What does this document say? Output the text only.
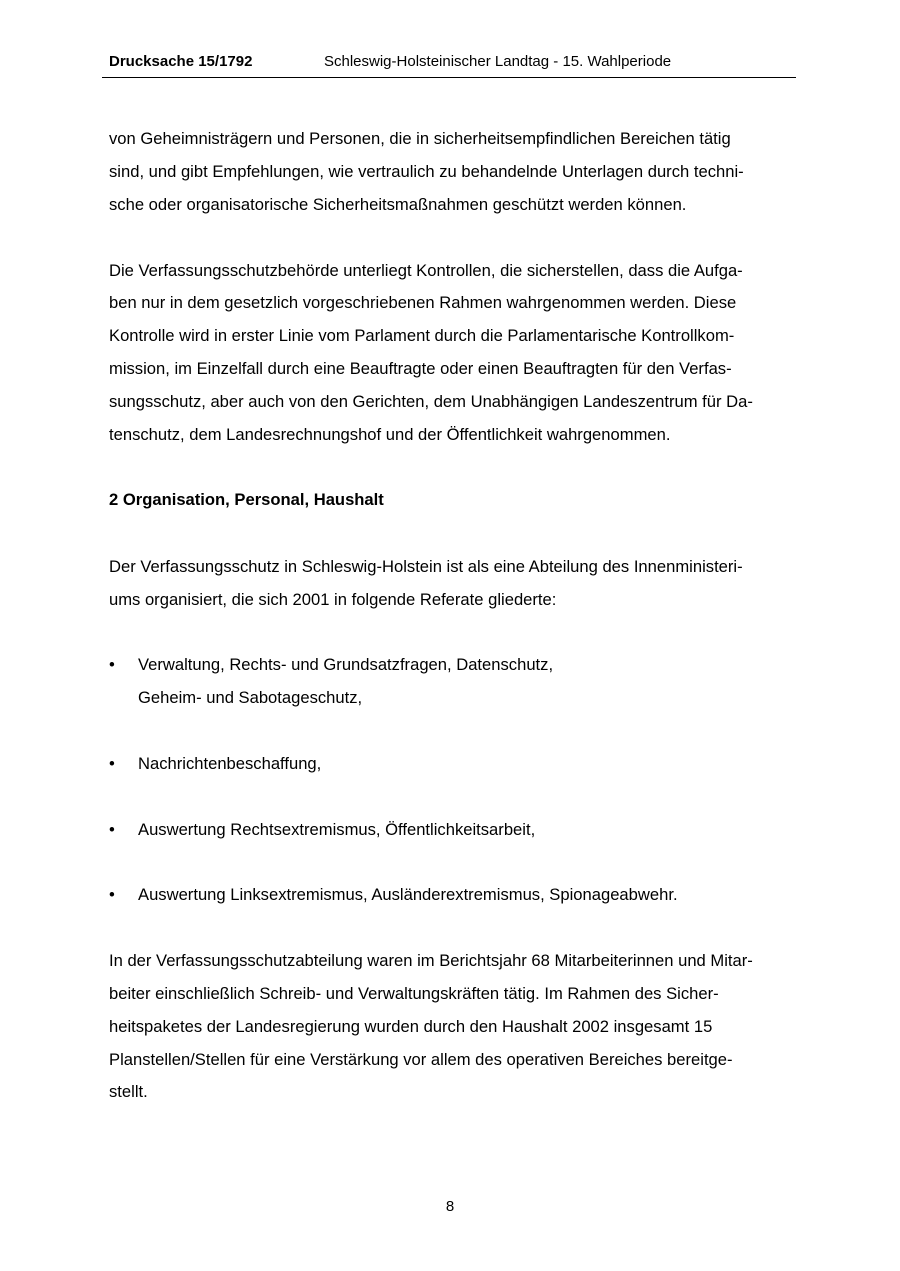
Drucksache 15/1792	Schleswig-Holsteinischer Landtag - 15. Wahlperiode
von Geheimnisträgern und Personen, die in sicherheitsempfindlichen Bereichen tätig
sind, und gibt Empfehlungen, wie vertraulich zu behandelnde Unterlagen durch techni-
sche oder organisatorische Sicherheitsmaßnahmen geschützt werden können.
Die Verfassungsschutzbehörde unterliegt Kontrollen, die sicherstellen, dass die Aufga-
ben nur in dem gesetzlich vorgeschriebenen Rahmen wahrgenommen werden. Diese
Kontrolle wird in erster Linie vom Parlament durch die Parlamentarische Kontrollkom-
mission, im Einzelfall durch eine Beauftragte oder einen Beauftragten für den Verfas-
sungsschutz, aber auch von den Gerichten, dem Unabhängigen Landeszentrum für Da-
tenschutz, dem Landesrechnungshof und der Öffentlichkeit wahrgenommen.
2 Organisation, Personal, Haushalt
Der Verfassungsschutz in Schleswig-Holstein ist als eine Abteilung des Innenministeri-
ums organisiert, die sich 2001 in folgende Referate gliederte:
• Verwaltung, Rechts- und Grundsatzfragen, Datenschutz,
Geheim- und Sabotageschutz,
• Nachrichtenbeschaffung,
• Auswertung Rechtsextremismus, Öffentlichkeitsarbeit,
• Auswertung Linksextremismus, Ausländerextremismus, Spionageabwehr.
In der Verfassungsschutzabteilung waren im Berichtsjahr 68 Mitarbeiterinnen und Mitar-
beiter einschließlich Schreib- und Verwaltungskräften tätig. Im Rahmen des Sicher-
heitspaketes der Landesregierung wurden durch den Haushalt 2002 insgesamt 15
Planstellen/Stellen für eine Verstärkung vor allem des operativen Bereiches bereitge-
stellt.
8
